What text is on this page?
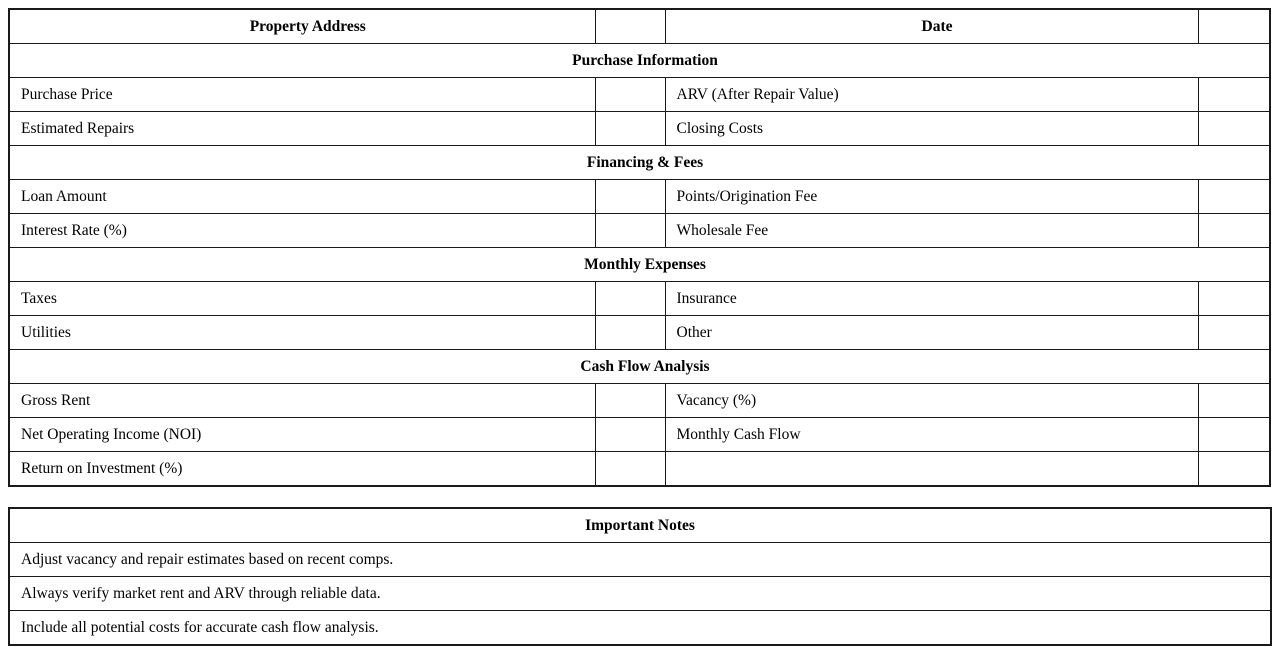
Property Address		Date	
Purchase Information			
Purchase Price		ARV (After Repair Value)	
Estimated Repairs		Closing Costs	
Financing & Fees			
Loan Amount		Points/Origination Fee	
Interest Rate (%)		Wholesale Fee	
Monthly Expenses			
Taxes		Insurance	
Utilities		Other	
Cash Flow Analysis			
Gross Rent		Vacancy (%)	
Net Operating Income (NOI)		Monthly Cash Flow	
Return on Investment (%)			
Important Notes
Adjust vacancy and repair estimates based on recent comps.
Always verify market rent and ARV through reliable data.
Include all potential costs for accurate cash flow analysis.
